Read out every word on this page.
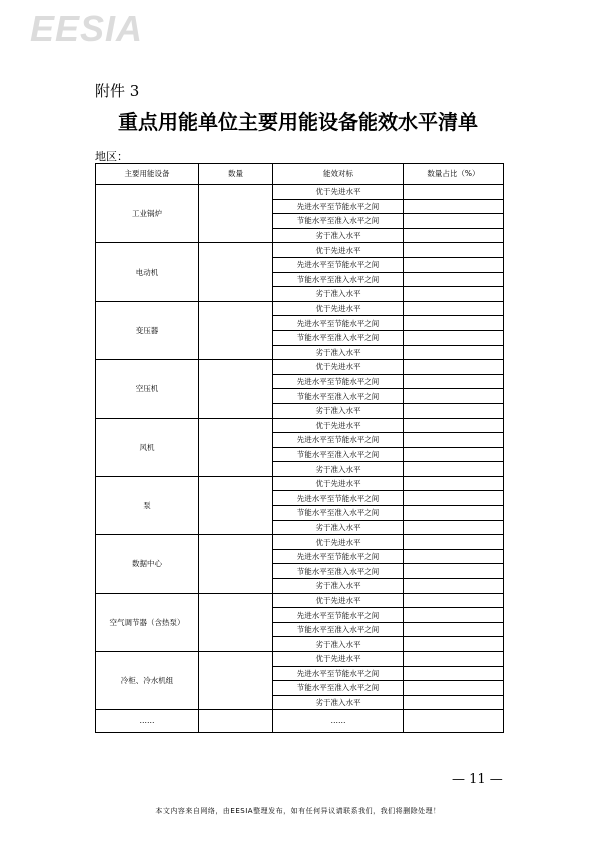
EESIA
附件 3
重点用能单位主要用能设备能效水平清单
地区：
主要用能设备	数量	能效对标	数量占比（%）
工业锅炉		优于先进水平	
		先进水平至节能水平之间	
		节能水平至准入水平之间	
		劣于准入水平	
电动机		优于先进水平	
		先进水平至节能水平之间	
		节能水平至准入水平之间	
		劣于准入水平	
变压器		优于先进水平	
		先进水平至节能水平之间	
		节能水平至准入水平之间	
		劣于准入水平	
空压机		优于先进水平	
		先进水平至节能水平之间	
		节能水平至准入水平之间	
		劣于准入水平	
风机		优于先进水平	
		先进水平至节能水平之间	
		节能水平至准入水平之间	
		劣于准入水平	
泵		优于先进水平	
		先进水平至节能水平之间	
		节能水平至准入水平之间	
		劣于准入水平	
数据中心		优于先进水平	
		先进水平至节能水平之间	
		节能水平至准入水平之间	
		劣于准入水平	
空气调节器（含热泵）		优于先进水平	
		先进水平至节能水平之间	
		节能水平至准入水平之间	
		劣于准入水平	
冷柜、冷水机组		优于先进水平	
		先进水平至节能水平之间	
		节能水平至准入水平之间	
		劣于准入水平	
……		……	
— 11 —
本文内容来自网络，由EESIA整理发布，如有任何异议请联系我们，我们将删除处理！
